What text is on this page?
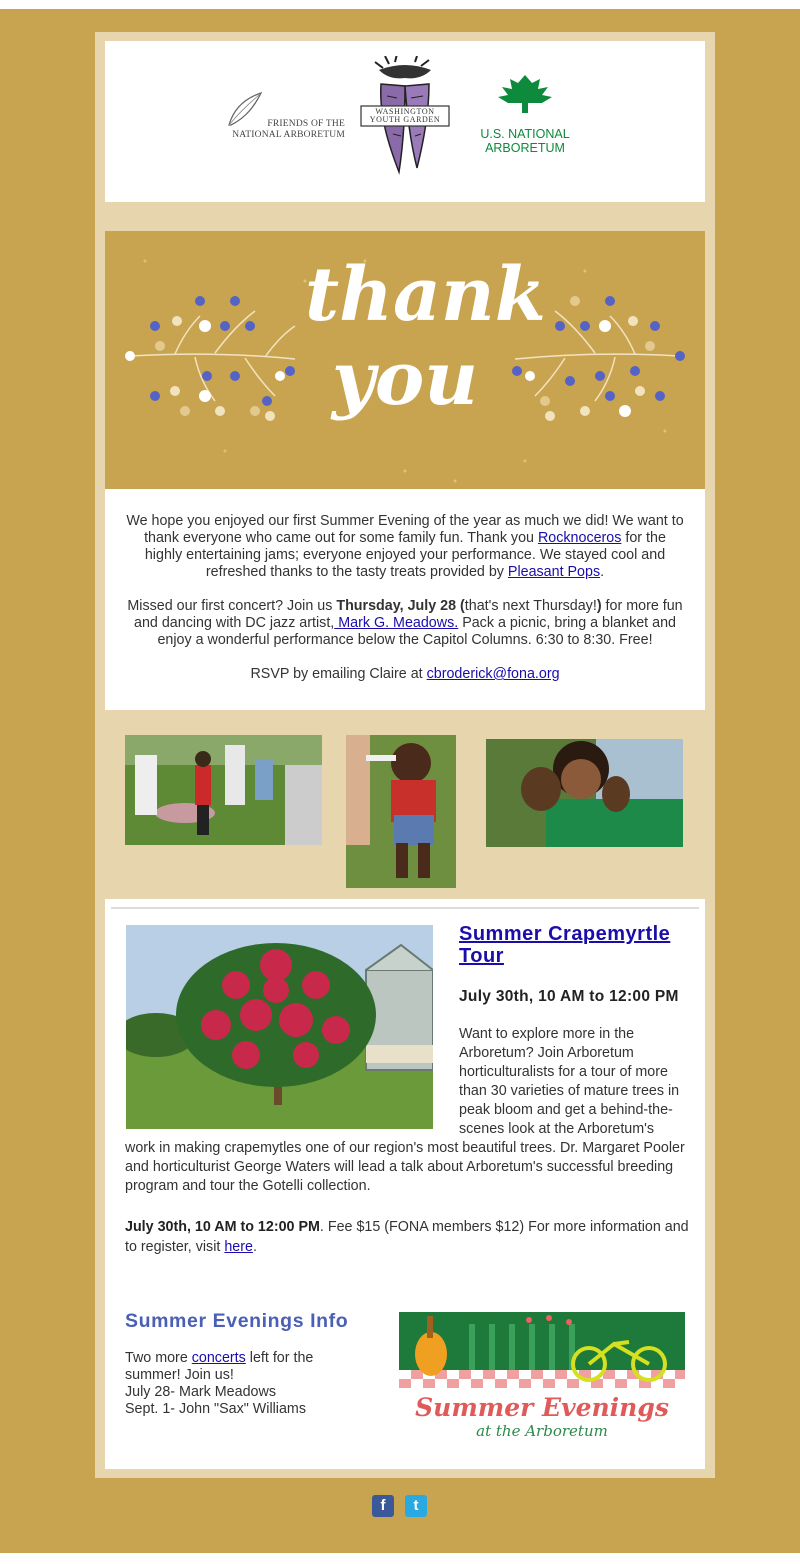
FRIENDS OF THE
NATIONAL ARBORETUM
WASHINGTON
YOUTH GARDEN
U.S. NATIONAL
ARBORETUM
thank
you

We hope you enjoyed our first Summer Evening of the year as much we did! We want to thank everyone who came out for some family fun. Thank you Rocknoceros for the highly entertaining jams; everyone enjoyed your performance. We stayed cool and refreshed thanks to the tasty treats provided by Pleasant Pops.

Missed our first concert? Join us Thursday, July 28 (that's next Thursday!) for more fun and dancing with DC jazz artist, Mark G. Meadows. Pack a picnic, bring a blanket and enjoy a wonderful performance below the Capitol Columns. 6:30 to 8:30. Free!

RSVP by emailing Claire at cbroderick@fona.org

Summer Crapemyrtle Tour
July 30th, 10 AM to 12:00 PM
Want to explore more in the Arboretum? Join Arboretum horticulturalists for a tour of more than 30 varieties of mature trees in peak bloom and get a behind-the-scenes look at the Arboretum's
work in making crapemytles one of our region's most beautiful trees. Dr. Margaret Pooler and horticulturist George Waters will lead a talk about Arboretum's successful breeding program and tour the Gotelli collection.
July 30th, 10 AM to 12:00 PM. Fee $15 (FONA members $12) For more information and to register, visit here.
Summer Evenings Info
Two more concerts left for the summer! Join us!
July 28- Mark Meadows
Sept. 1- John "Sax" Williams	Summer Evenings
at the Arboretum
f	t
